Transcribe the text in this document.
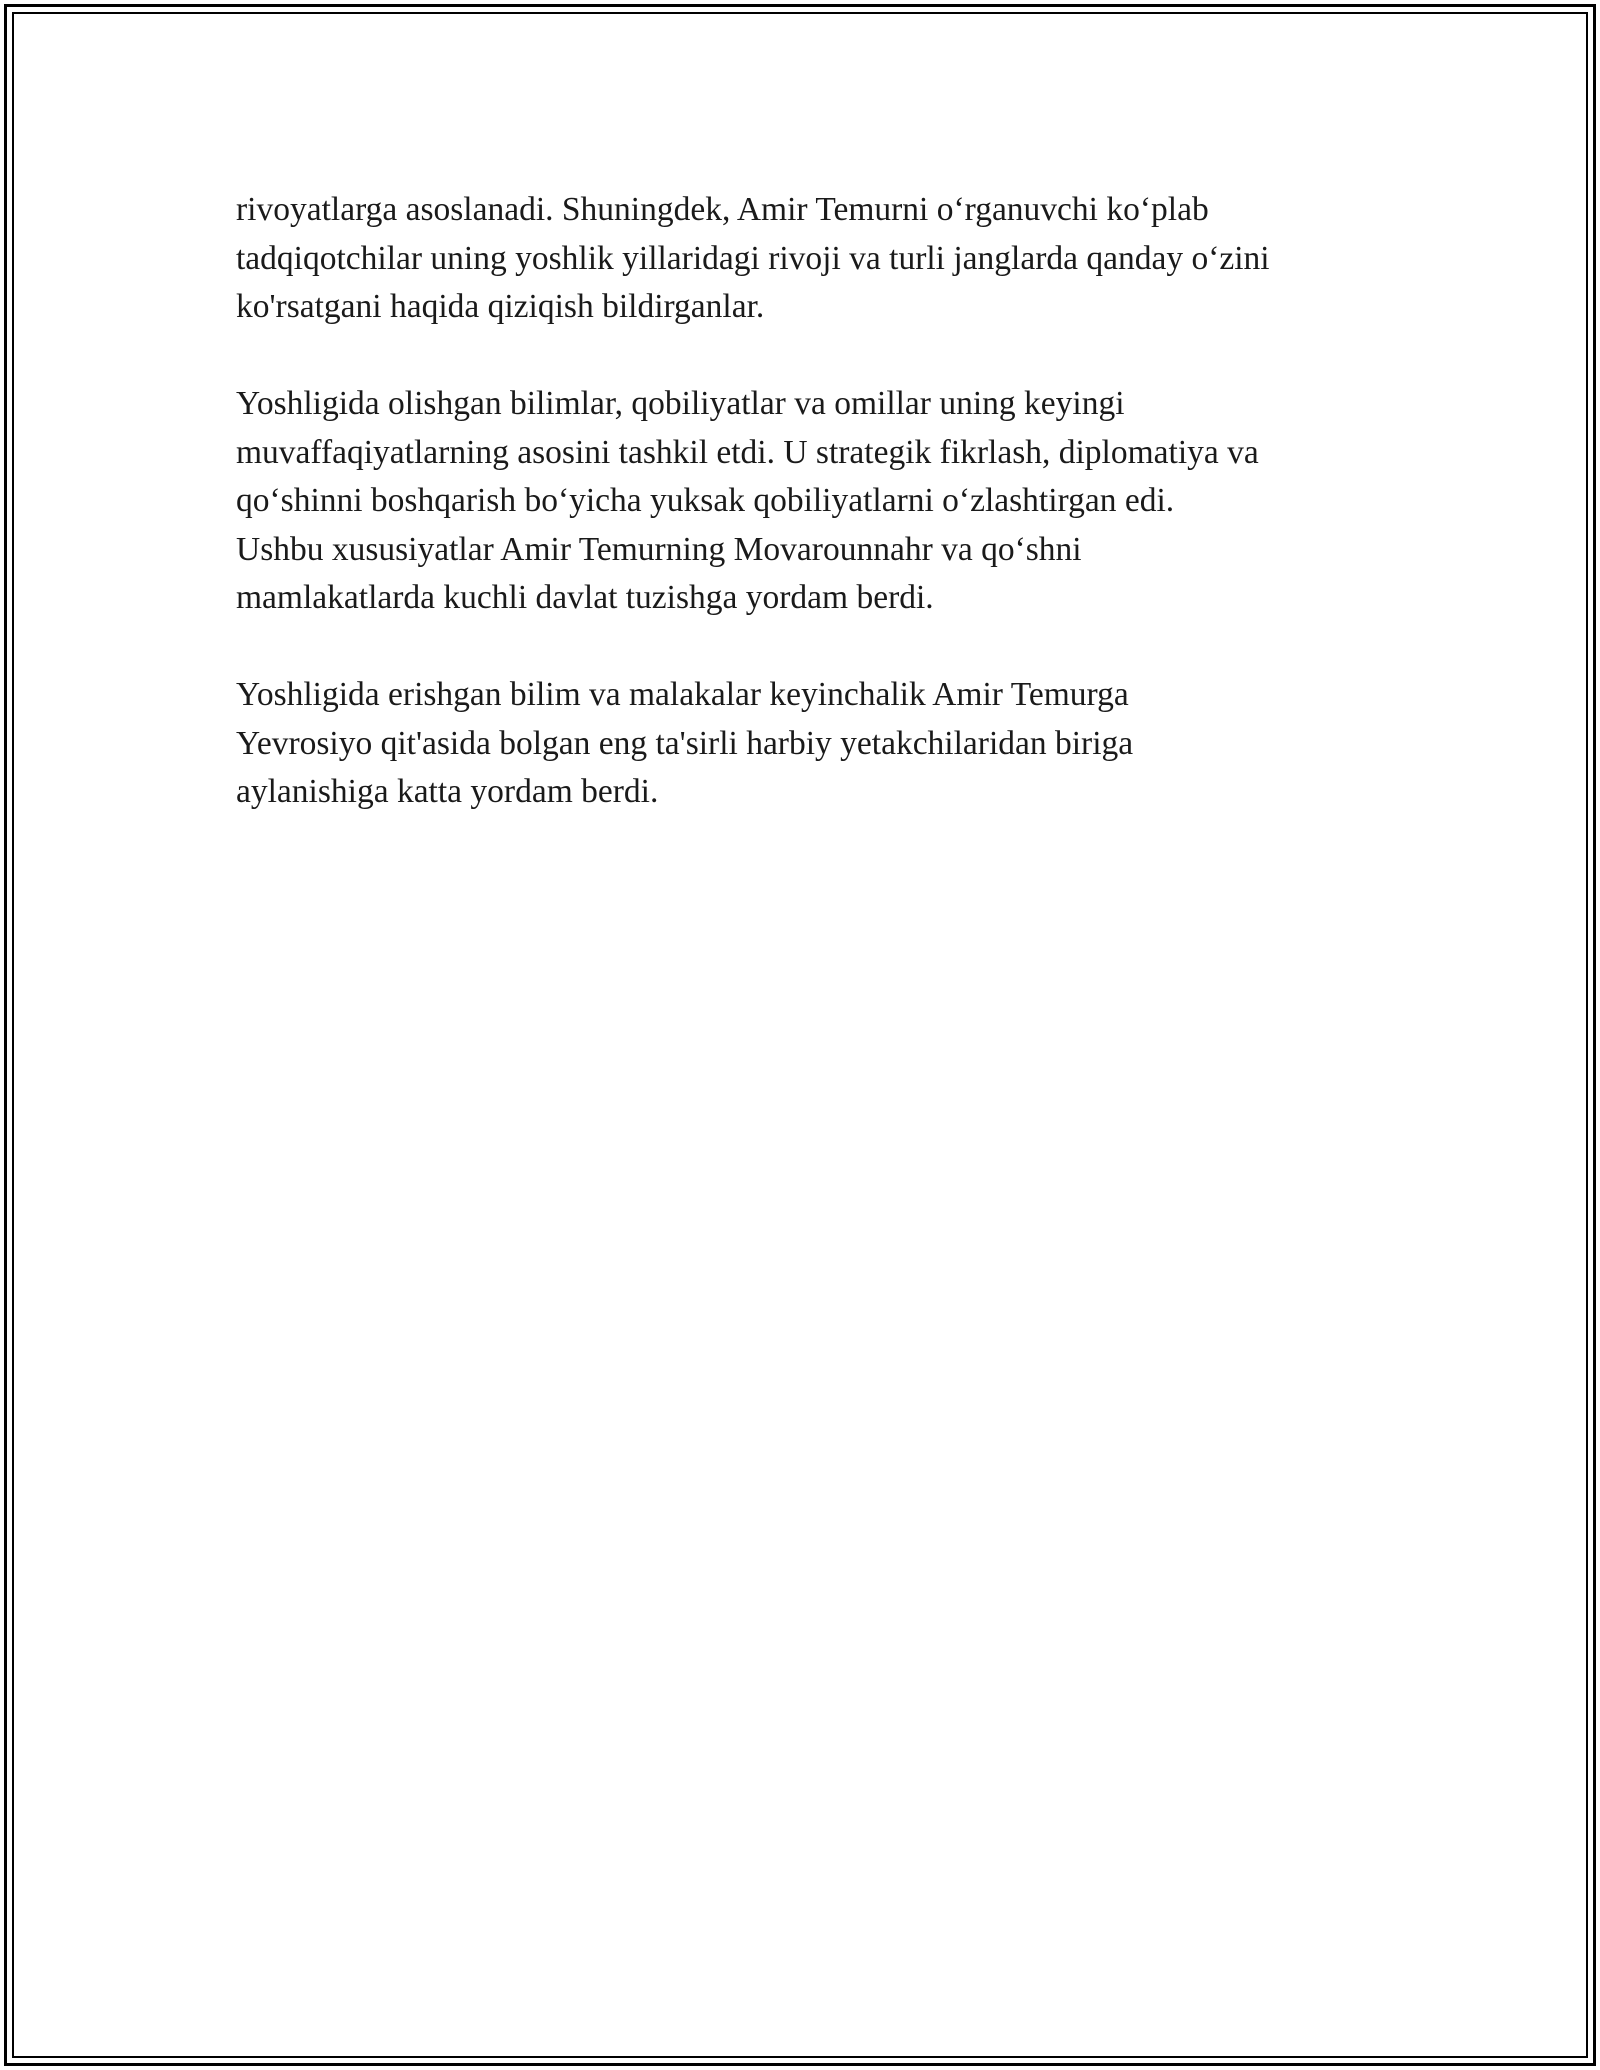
rivoyatlarga asoslanadi. Shuningdek, Amir Temurni o‘rganuvchi ko‘plab
tadqiqotchilar uning yoshlik yillaridagi rivoji va turli janglarda qanday o‘zini
ko'rsatgani haqida qiziqish bildirganlar.

Yoshligida olishgan bilimlar, qobiliyatlar va omillar uning keyingi
muvaffaqiyatlarning asosini tashkil etdi. U strategik fikrlash, diplomatiya va
qo‘shinni boshqarish bo‘yicha yuksak qobiliyatlarni o‘zlashtirgan edi.
Ushbu xususiyatlar Amir Temurning Movarounnahr va qo‘shni
mamlakatlarda kuchli davlat tuzishga yordam berdi.

Yoshligida erishgan bilim va malakalar keyinchalik Amir Temurga
Yevrosiyo qit'asida bolgan eng ta'sirli harbiy yetakchilaridan biriga
aylanishiga katta yordam berdi.
